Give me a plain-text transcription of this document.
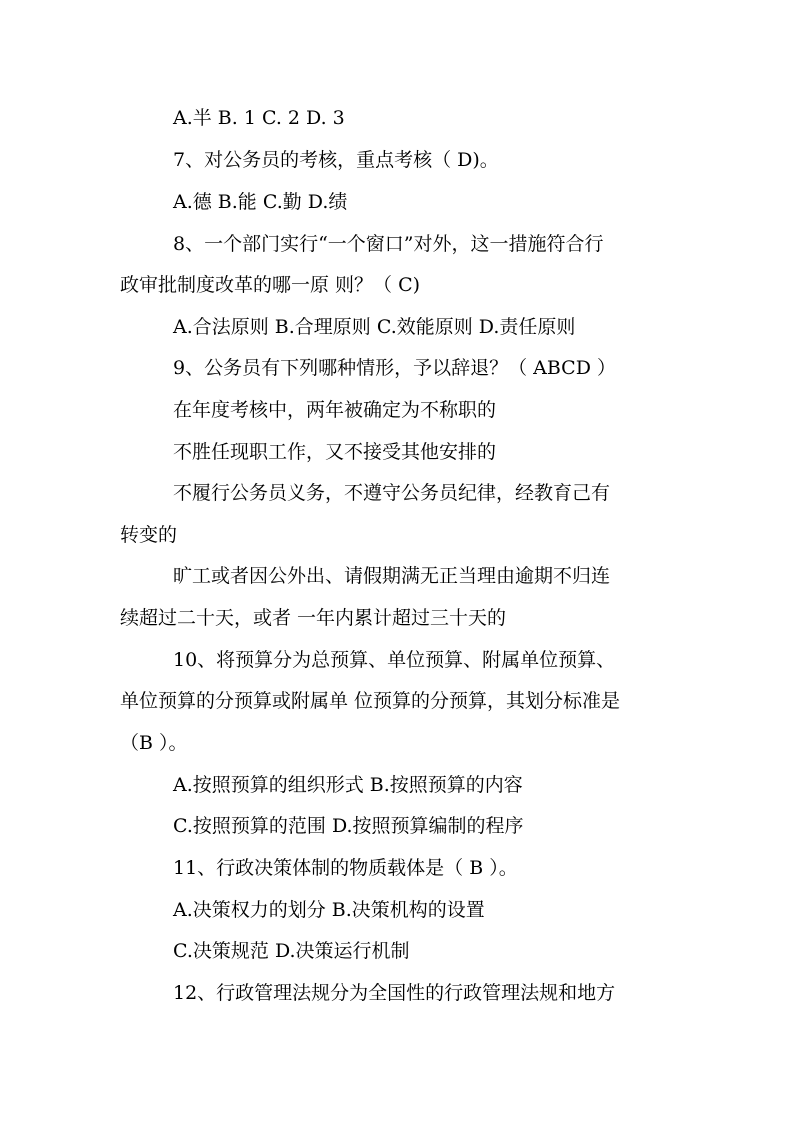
A.半 B. 1 C. 2 D. 3
7、对公务员的考核，重点考核（ D)。
A.德 B.能 C.勤 D.绩
8、一个部门实行“一个窗口”对外，这一措施符合行
政审批制度改革的哪一原 则？（ C)
A.合法原则 B.合理原则 C.效能原则 D.责任原则
9、公务员有下列哪种情形，予以辞退？（ ABCD ）
在年度考核中，两年被确定为不称职的
不胜任现职工作，又不接受其他安排的
不履行公务员义务，不遵守公务员纪律，经教育己有
转变的
旷工或者因公外出、请假期满无正当理由逾期不归连
续超过二十天，或者 一年内累计超过三十天的
10、将预算分为总预算、单位预算、附属单位预算、
单位预算的分预算或附属单 位预算的分预算，其划分标准是
（B ）。
A.按照预算的组织形式 B.按照预算的内容
C.按照预算的范围 D.按照预算编制的程序
11、行政决策体制的物质载体是（ B ）。
A.决策权力的划分 B.决策机构的设置
C.决策规范 D.决策运行机制
12、行政管理法规分为全国性的行政管理法规和地方
